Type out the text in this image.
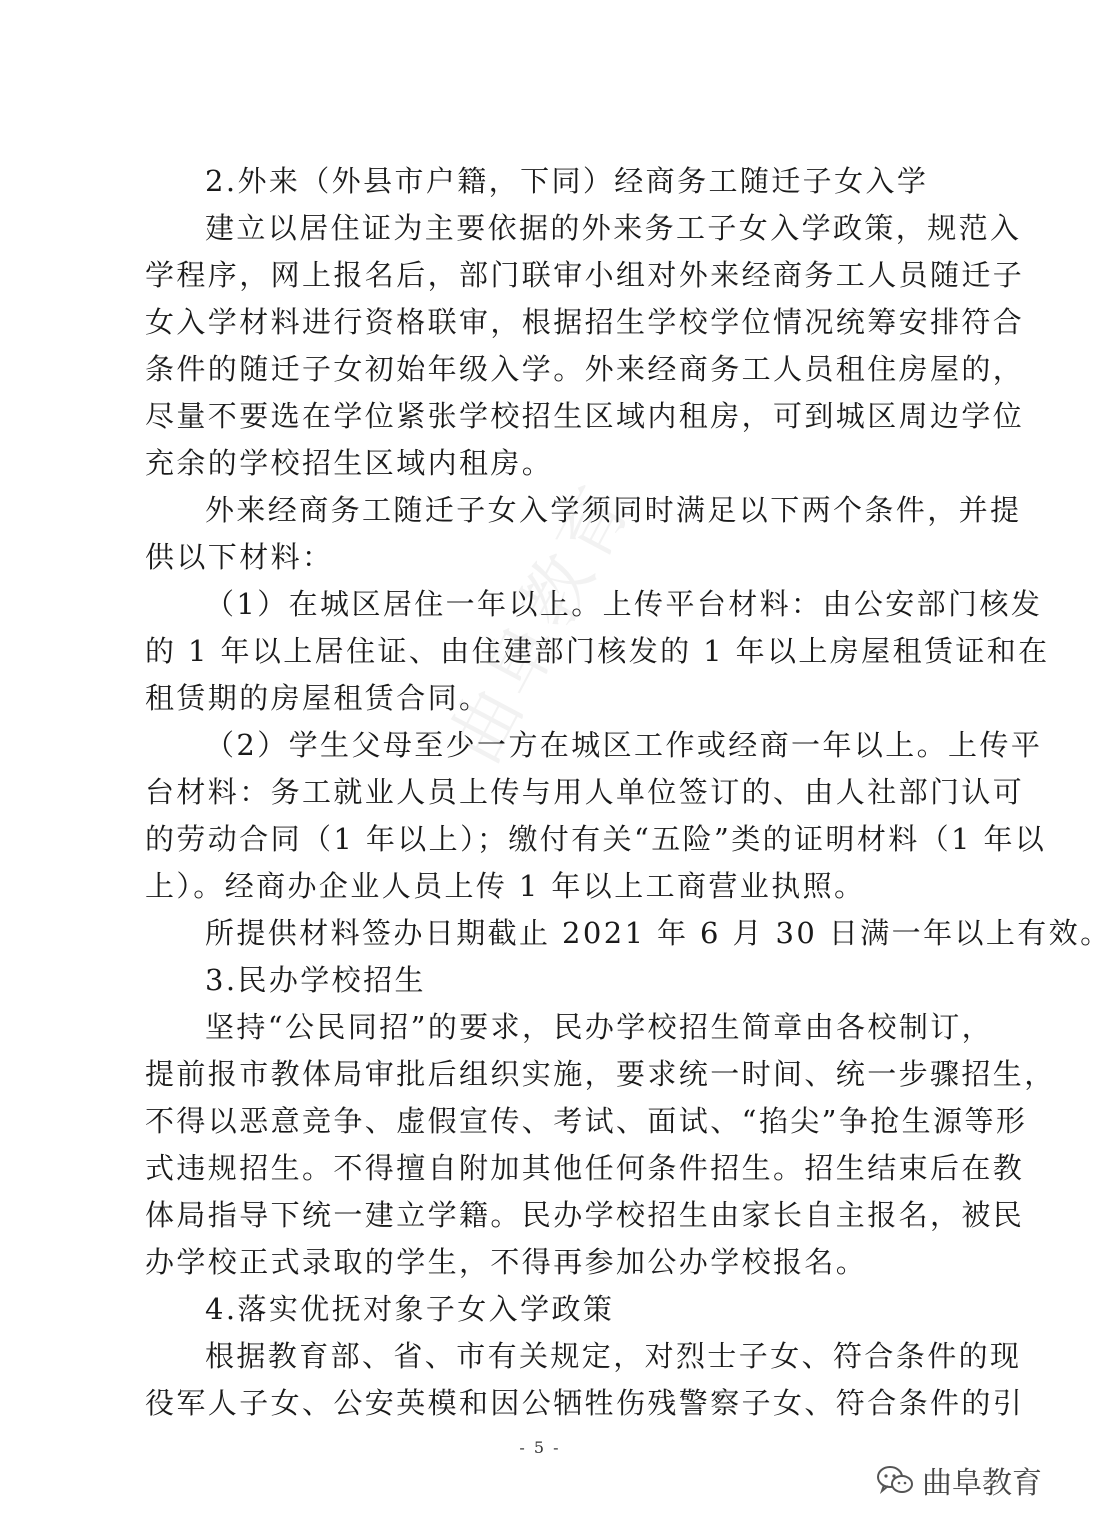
曲阜教育
2.外来（外县市户籍，下同）经商务工随迁子女入学
建立以居住证为主要依据的外来务工子女入学政策，规范入
学程序，网上报名后，部门联审小组对外来经商务工人员随迁子
女入学材料进行资格联审，根据招生学校学位情况统筹安排符合
条件的随迁子女初始年级入学。外来经商务工人员租住房屋的，
尽量不要选在学位紧张学校招生区域内租房，可到城区周边学位
充余的学校招生区域内租房。
外来经商务工随迁子女入学须同时满足以下两个条件，并提
供以下材料：
（1）在城区居住一年以上。上传平台材料：由公安部门核发
的 1 年以上居住证、由住建部门核发的 1 年以上房屋租赁证和在
租赁期的房屋租赁合同。
（2）学生父母至少一方在城区工作或经商一年以上。上传平
台材料：务工就业人员上传与用人单位签订的、由人社部门认可
的劳动合同（1 年以上）；缴付有关“五险”类的证明材料（1 年以
上）。经商办企业人员上传 1 年以上工商营业执照。
所提供材料签办日期截止 2021 年 6 月 30 日满一年以上有效。
3.民办学校招生
坚持“公民同招”的要求，民办学校招生简章由各校制订，
提前报市教体局审批后组织实施，要求统一时间、统一步骤招生，
不得以恶意竞争、虚假宣传、考试、面试、“掐尖”争抢生源等形
式违规招生。不得擅自附加其他任何条件招生。招生结束后在教
体局指导下统一建立学籍。民办学校招生由家长自主报名，被民
办学校正式录取的学生，不得再参加公办学校报名。
4.落实优抚对象子女入学政策
根据教育部、省、市有关规定，对烈士子女、符合条件的现
役军人子女、公安英模和因公牺牲伤残警察子女、符合条件的引
- 5 -
曲阜教育
